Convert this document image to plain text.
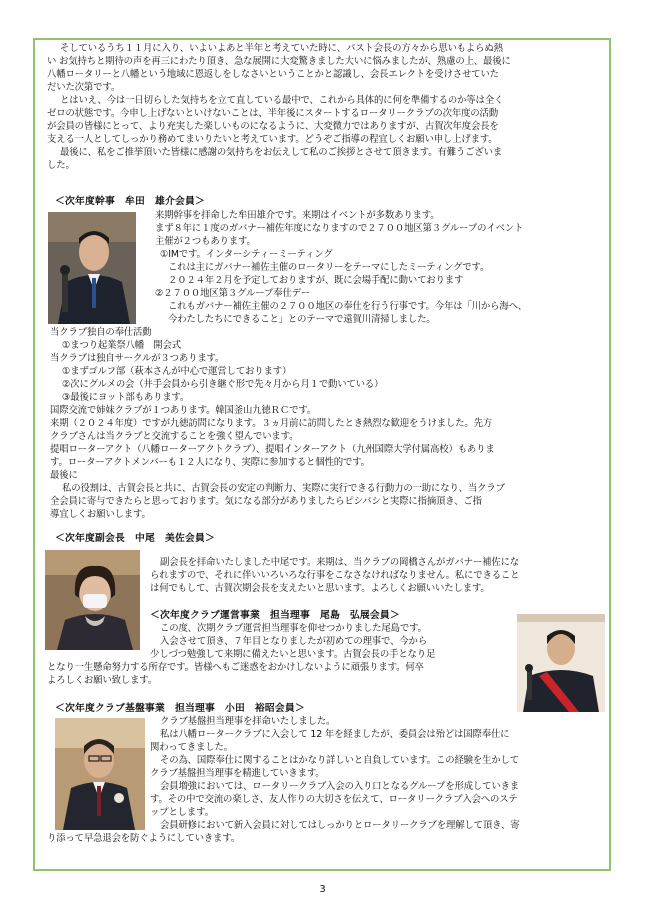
そしているうち１１月に入り、いよいよあと半年と考えていた時に、パスト会長の方々から思いもよらぬ熱
い お気持ちと期待の声を再三にわたり頂き、急な展開に大変驚きました大いに悩みましたが、熟慮の上、最後に
八幡ロータリーと八幡という地域に恩返しをしなさいということかと認識し、会長エレクトを受けさせていた
だいた次第です。
とはいえ、今は一日切らした気持ちを立て直している最中で、これから具体的に何を準備するのか等は全く
ゼロの状態です。今申し上げないといけないことは、半年後にスタートするロータリークラブの次年度の活動
が会員の皆様にとって、より充実した楽しいものになるように、大変微力ではありますが、古賀次年度会長を
支える一人としてしっかり務めてまいりたいと考えています。どうぞご指導の程宜しくお願い申し上げます。
最後に、私をご推挙頂いた皆様に感謝の気持ちをお伝えして私のご挨拶とさせて頂きます。有難うございま
した。
＜次年度幹事　牟田　雄介会員＞
来期幹事を拝命した牟田雄介です。来期はイベントが多数あります。
まず８年に１度のガバナー補佐年度になりますので２７００地区第３グループのイベント
主催が２つもあります。
①IMです。インターシティーミーティング
これは主にガバナー補佐主催のロータリーをテーマにしたミーティングです。
２０２４年２月を予定しておりますが、既に会場手配に動いております
②２７００地区第３グループ奉仕デー
これもガバナー補佐主催の２７００地区の奉仕を行う行事です。今年は「川から海へ、
今わたしたちにできること」とのテーマで遠賀川清掃しました。
当クラブ独自の奉仕活動
①まつり起業祭八幡　開会式
当クラブは独自サークルが３つあります。
①まずゴルフ部（萩本さんが中心で運営しております）
②次にグルメの会（井手会員から引き継ぐ形で先々月から月１で動いている）
③最後にヨット部もあります。
国際交流で姉妹クラブが１つあります。韓国釜山九徳ＲＣです。
来期（２０２４年度）ですが九徳訪問になります。３ヵ月前に訪問したとき熱烈な歓迎をうけました。先方
クラブさんは当クラブと交流することを強く望んでいます。
提唱ローターアクト（八幡ローターアクトクラブ）、提唱インターアクト（九州国際大学付属高校）もありま
す。ローターアクトメンバーも１２人になり、実際に参加すると個性的です。
最後に
私の役割は、古賀会長と共に、古賀会長の安定の判断力、実際に実行できる行動力の一助になり、当クラブ
全会員に寄与できたらと思っております。気になる部分がありましたらピシバシと実際に指摘頂き、ご指
導宜しくお願いします。
＜次年度副会長　中尾　美佐会員＞
副会長を拝命いたしました中尾です。来期は、当クラブの岡橋さんがガバナー補佐にな
られますので、それに伴いいろいろな行事をこなさなければなりません。私にできること
は何でもして、古賀次期会長を支えたいと思います。よろしくお願いいたします。
＜次年度クラブ運営事業　担当理事　尾島　弘展会員＞
この度、次期クラブ運営担当理事を仰せつかりました尾島です。
入会させて頂き、７年目となりましたが初めての理事で、今から
少しづつ勉強して来期に備えたいと思います。古賀会長の手となり足
となり一生懸命努力する所存です。皆様へもご迷惑をおかけしないように頑張ります。何卒
よろしくお願い致します。
＜次年度クラブ基盤事業　担当理事　小田　裕昭会員＞
クラブ基盤担当理事を拝命いたしました。
私は八幡ロータークラブに入会して 12 年を経ましたが、委員会は殆どは国際奉仕に
関わってきました。
その為、国際奉仕に関することはかなり詳しいと自負しています。この経験を生かして
クラブ基盤担当理事を精進していきます。
会員増強においては、ロータリークラブ入会の入り口となるグループを形成していきま
す。その中で交流の楽しさ、友人作りの大切さを伝えて、ロータリークラブ入会へのステ
ップとします。
会員研修において新入会員に対してはしっかりとロータリークラブを理解して頂き、寄
り添って早急退会を防ぐようにしていきます。
3
